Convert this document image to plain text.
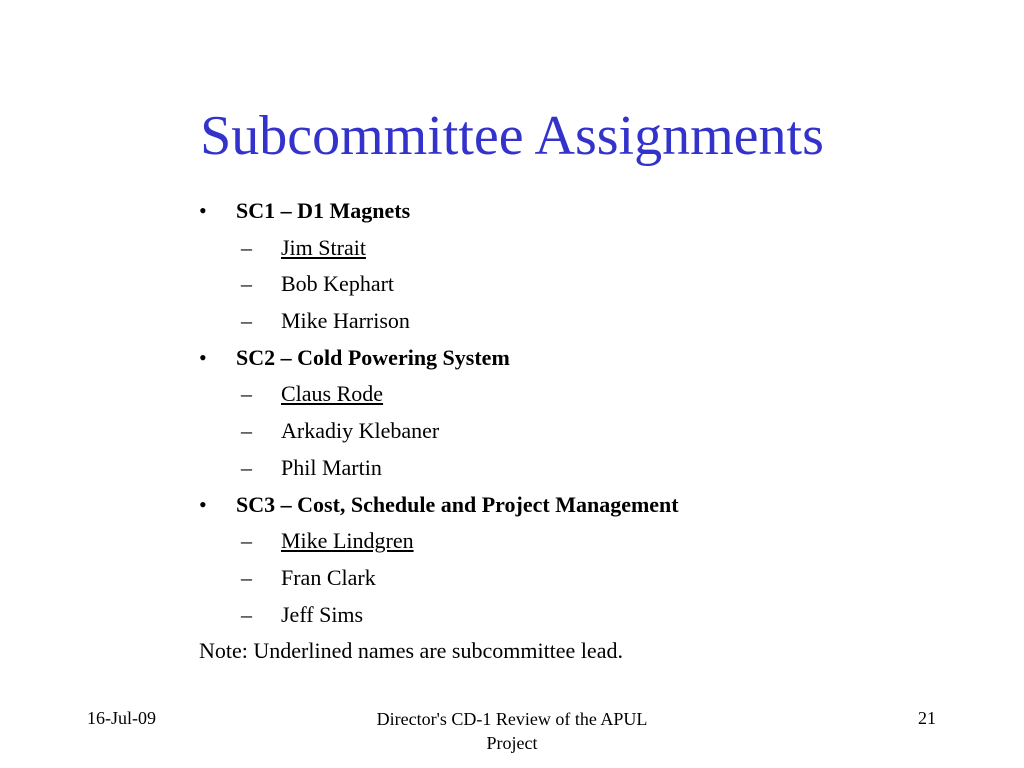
Subcommittee Assignments
• SC1 – D1 Magnets
– Jim Strait
– Bob Kephart
– Mike Harrison
• SC2 – Cold Powering System
– Claus Rode
– Arkadiy Klebaner
– Phil Martin
• SC3 – Cost, Schedule and Project Management
– Mike Lindgren
– Fran Clark
– Jeff Sims
Note: Underlined names are subcommittee lead.
16-Jul-09	Director's CD-1 Review of the APUL
Project
21
